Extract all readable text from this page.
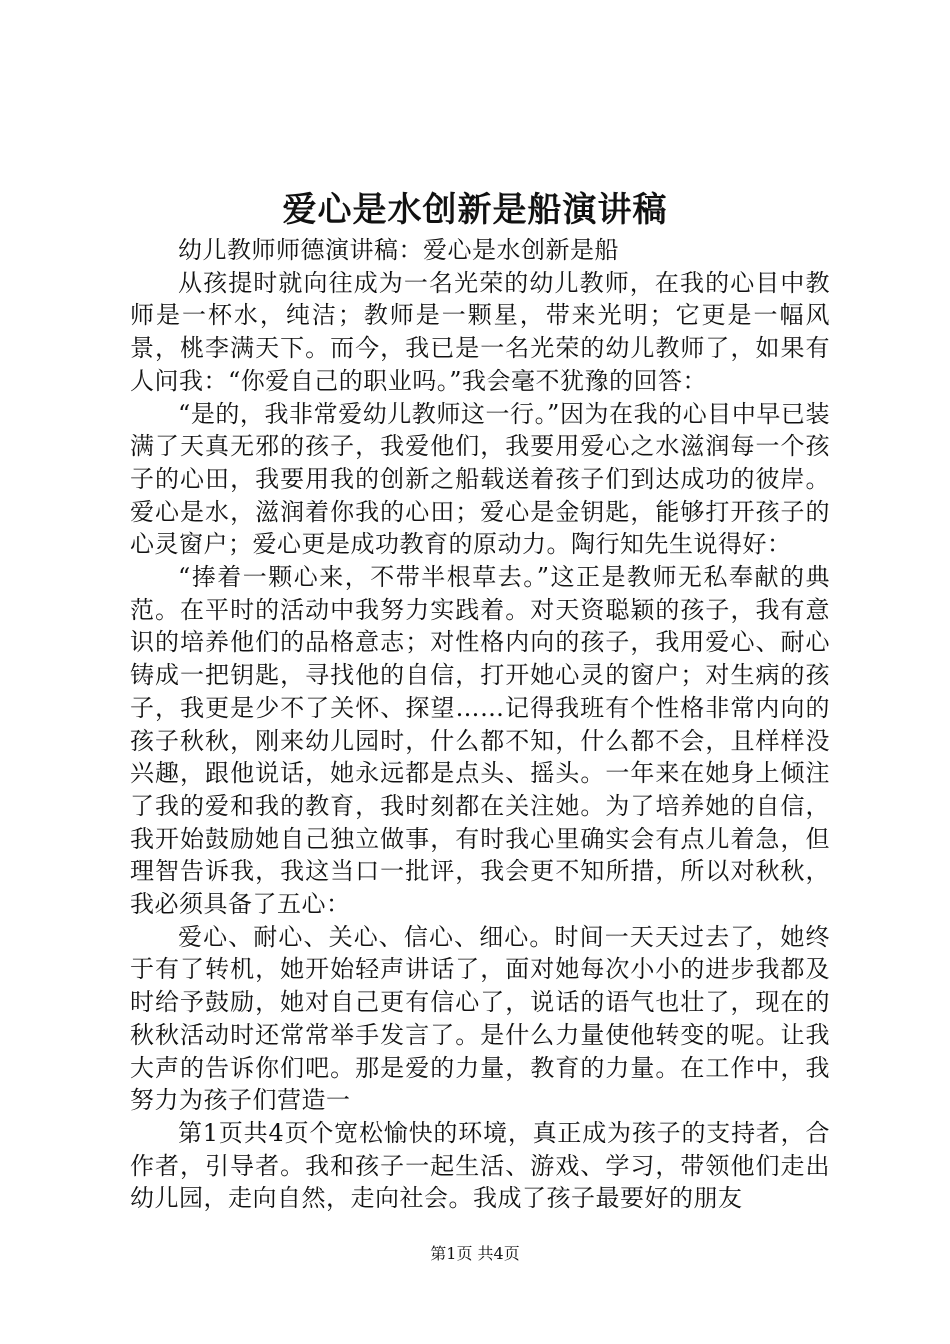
爱心是水创新是船演讲稿

幼儿教师师德演讲稿：爱心是水创新是船

从孩提时就向往成为一名光荣的幼儿教师，在我的心目中教师是一杯水，纯洁；教师是一颗星，带来光明；它更是一幅风景，桃李满天下。而今，我已是一名光荣的幼儿教师了，如果有人问我：“你爱自己的职业吗。”我会毫不犹豫的回答：

“是的，我非常爱幼儿教师这一行。”因为在我的心目中早已装满了天真无邪的孩子，我爱他们，我要用爱心之水滋润每一个孩子的心田，我要用我的创新之船载送着孩子们到达成功的彼岸。爱心是水，滋润着你我的心田；爱心是金钥匙，能够打开孩子的心灵窗户；爱心更是成功教育的原动力。陶行知先生说得好：

“捧着一颗心来，不带半根草去。”这正是教师无私奉献的典范。在平时的活动中我努力实践着。对天资聪颖的孩子，我有意识的培养他们的品格意志；对性格内向的孩子，我用爱心、耐心铸成一把钥匙，寻找他的自信，打开她心灵的窗户；对生病的孩子，我更是少不了关怀、探望……记得我班有个性格非常内向的孩子秋秋，刚来幼儿园时，什么都不知，什么都不会，且样样没兴趣，跟他说话，她永远都是点头、摇头。一年来在她身上倾注了我的爱和我的教育，我时刻都在关注她。为了培养她的自信，我开始鼓励她自己独立做事，有时我心里确实会有点儿着急，但理智告诉我，我这当口一批评，我会更不知所措，所以对秋秋，我必须具备了五心：

爱心、耐心、关心、信心、细心。时间一天天过去了，她终于有了转机，她开始轻声讲话了，面对她每次小小的进步我都及时给予鼓励，她对自己更有信心了，说话的语气也壮了，现在的秋秋活动时还常常举手发言了。是什么力量使他转变的呢。让我大声的告诉你们吧。那是爱的力量，教育的力量。在工作中，我努力为孩子们营造一

第1页共4页个宽松愉快的环境，真正成为孩子的支持者，合作者，引导者。我和孩子一起生活、游戏、学习，带领他们走出幼儿园，走向自然，走向社会。我成了孩子最要好的朋友

第1页 共4页
